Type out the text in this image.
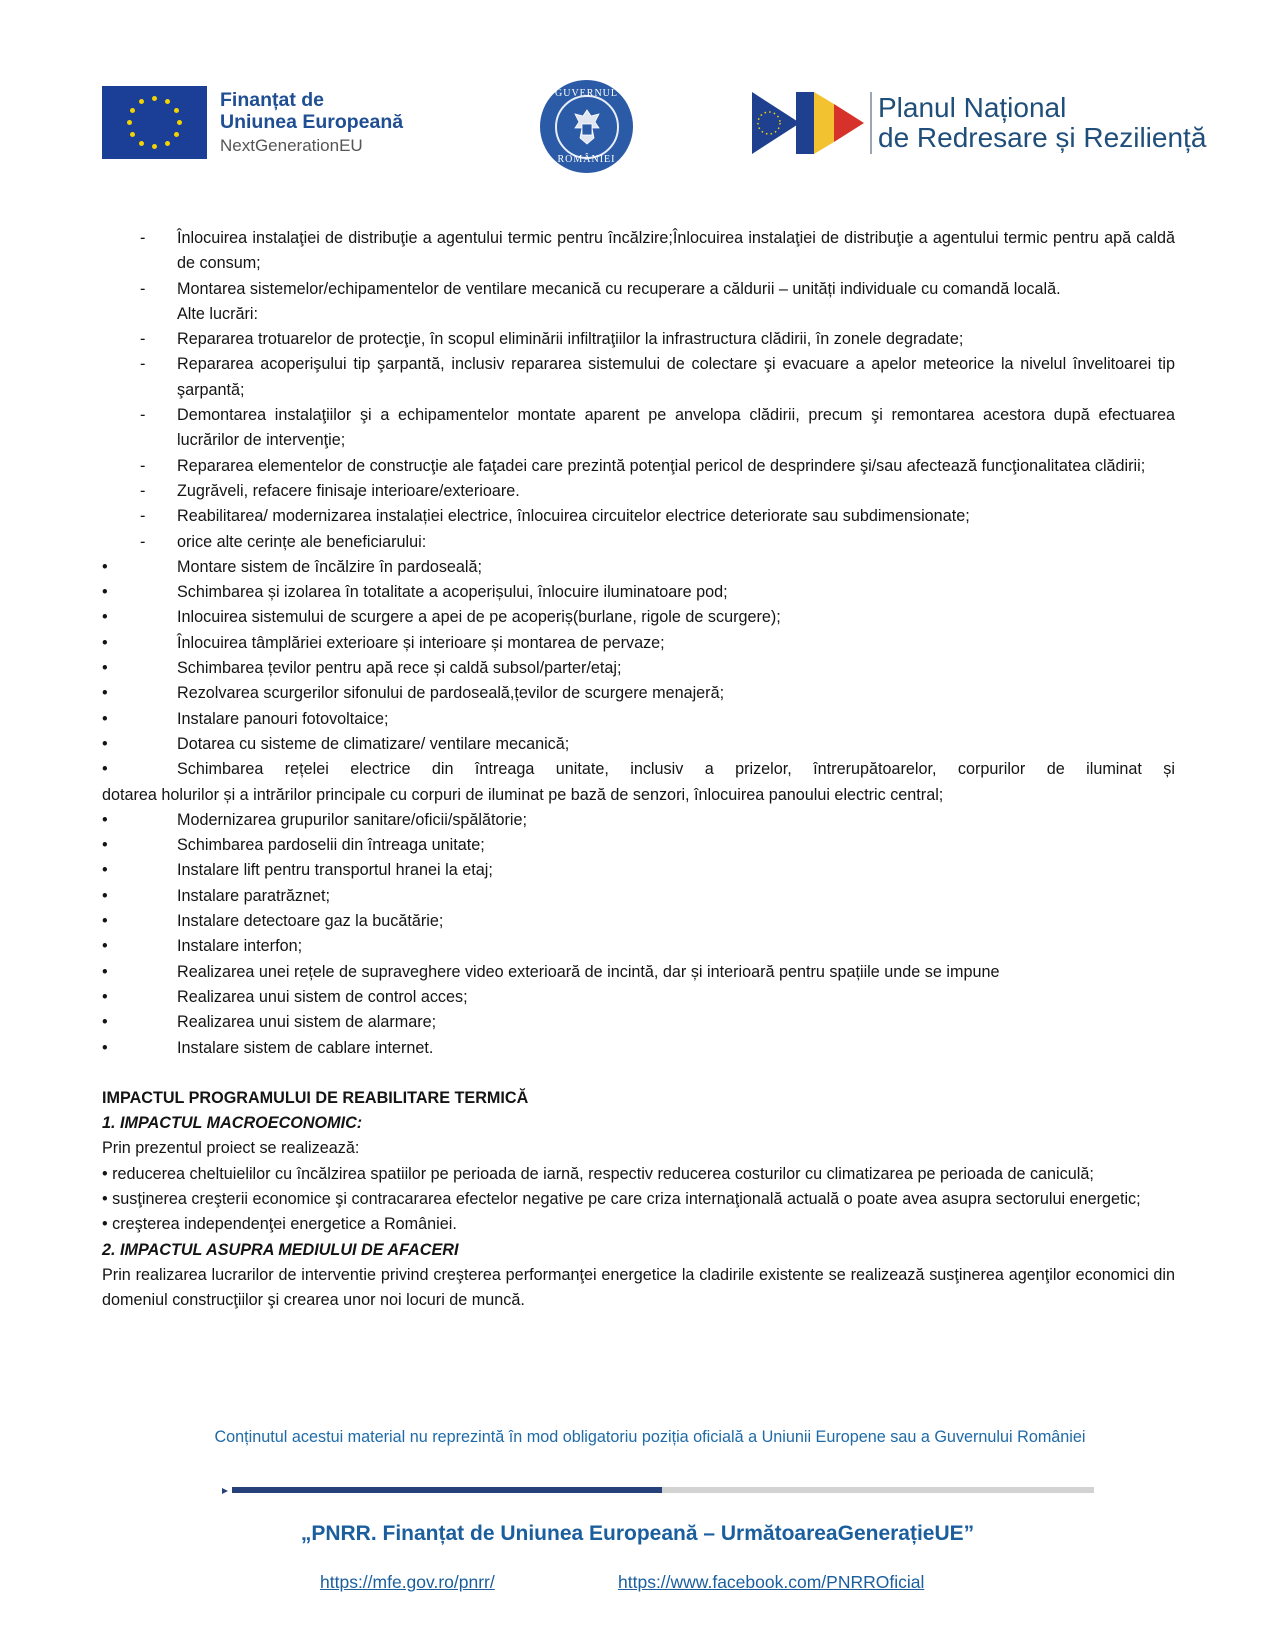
Finanțat de
Uniunea Europeană
NextGenerationEU
GUVERNUL
ROMÂNIEI
Planul Național
de Redresare și Reziliență
- Înlocuirea instalaţiei de distribuţie a agentului termic pentru încălzire;Înlocuirea instalaţiei de distribuţie a agentului termic pentru apă caldă de consum;
- Montarea sistemelor/echipamentelor de ventilare mecanică cu recuperare a căldurii – unități individuale cu comandă locală.
Alte lucrări:
- Repararea trotuarelor de protecţie, în scopul eliminării infiltraţiilor la infrastructura clădirii, în zonele degradate;
- Repararea acoperişului tip şarpantă, inclusiv repararea sistemului de colectare şi evacuare a apelor meteorice la nivelul învelitoarei tip şarpantă;
- Demontarea instalaţiilor şi a echipamentelor montate aparent pe anvelopa clădirii, precum şi remontarea acestora după efectuarea lucrărilor de intervenţie;
- Repararea elementelor de construcţie ale faţadei care prezintă potenţial pericol de desprindere şi/sau afectează funcţionalitatea clădirii;
- Zugrăveli, refacere finisaje interioare/exterioare.
- Reabilitarea/ modernizarea instalației electrice, înlocuirea circuitelor electrice deteriorate sau subdimensionate;
- orice alte cerințe ale beneficiarului:
•	Montare sistem de încălzire în pardoseală;
•	Schimbarea și izolarea în totalitate a acoperișului, înlocuire iluminatoare pod;
•	Inlocuirea sistemului de scurgere a apei de pe acoperiș(burlane, rigole de scurgere);
•	Înlocuirea tâmplăriei exterioare și interioare și montarea de pervaze;
•	Schimbarea țevilor pentru apă rece și caldă subsol/parter/etaj;
•	Rezolvarea scurgerilor sifonului de pardoseală,țevilor de scurgere menajeră;
•	Instalare panouri fotovoltaice;
•	Dotarea cu sisteme de climatizare/ ventilare mecanică;
•	Schimbarea rețelei electrice din întreaga unitate, inclusiv a prizelor, întrerupătoarelor, corpurilor de iluminat și
dotarea holurilor și a intrărilor principale cu corpuri de iluminat pe bază de senzori, înlocuirea panoului electric central;
•	Modernizarea grupurilor sanitare/oficii/spălătorie;
•	Schimbarea pardoselii din întreaga unitate;
•	Instalare lift pentru transportul hranei la etaj;
•	Instalare paratrăznet;
•	Instalare detectoare gaz la bucătărie;
•	Instalare interfon;
•	Realizarea unei rețele de supraveghere video exterioară de incintă, dar și interioară pentru spațiile unde se impune
•	Realizarea unui sistem de control acces;
•	Realizarea unui sistem de alarmare;
•	Instalare sistem de cablare internet.
IMPACTUL PROGRAMULUI DE REABILITARE TERMICĂ
1. IMPACTUL MACROECONOMIC:
Prin prezentul proiect se realizează:
• reducerea cheltuielilor cu încălzirea spatiilor pe perioada de iarnă, respectiv reducerea costurilor cu climatizarea pe perioada de caniculă;
• susţinerea creşterii economice şi contracararea efectelor negative pe care criza internaţională actuală o poate avea asupra sectorului energetic;
• creşterea independenţei energetice a României.
2. IMPACTUL ASUPRA MEDIULUI DE AFACERI
Prin realizarea lucrarilor de interventie privind creşterea performanţei energetice la cladirile existente se realizează susţinerea agenţilor economici din domeniul construcţiilor şi crearea unor noi locuri de muncă.
Conținutul acestui material nu reprezintă în mod obligatoriu poziția oficială a Uniunii Europene sau a Guvernului României
„PNRR. Finanțat de Uniunea Europeană – UrmătoareaGenerațieUE”
https://mfe.gov.ro/pnrr/	https://www.facebook.com/PNRROficial
